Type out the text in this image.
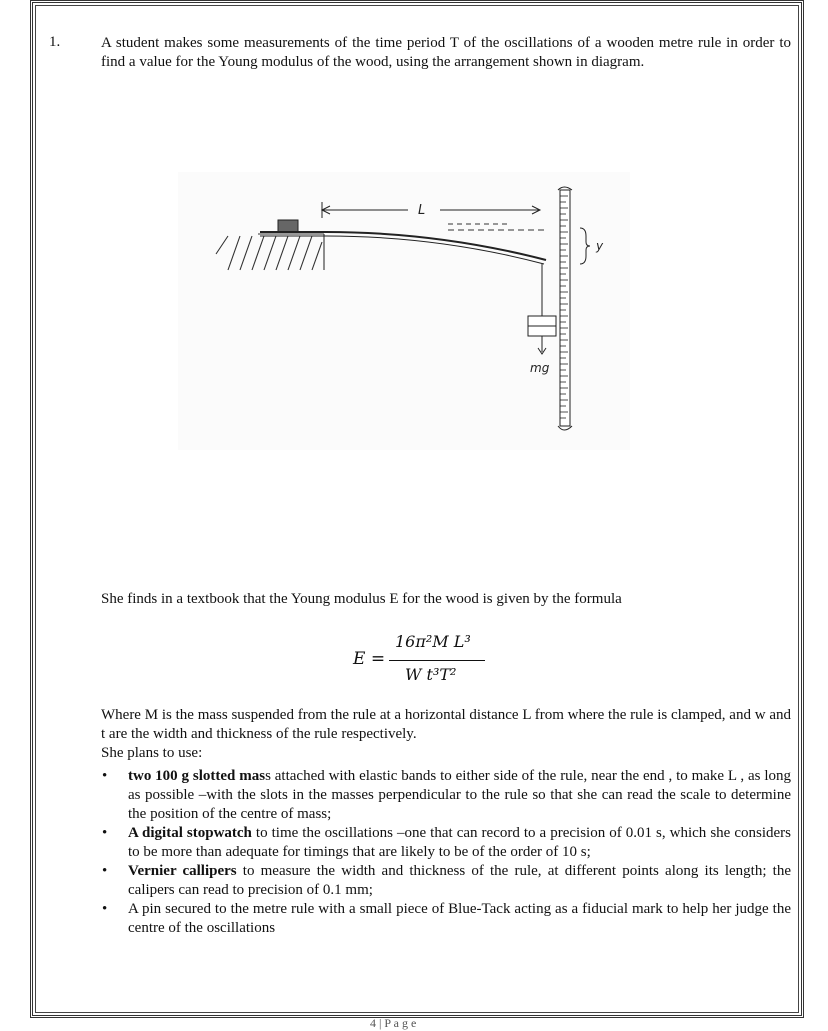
1.	A student makes some measurements of the time period T of the oscillations of a wooden metre rule in order to find a value for the Young modulus of the wood, using the arrangement shown in diagram.
L
mg
y
She finds in a textbook that the Young modulus E for the wood is given by the formula
E =
16π²M L³
W t³T²
Where M is the mass suspended from the rule at a horizontal distance L from where the rule is clamped, and w and t are the width and thickness of the rule respectively.
She plans to use:
• two 100 g slotted mass attached with elastic bands to either side of the rule, near the end , to make L , as long as possible –with the slots in the masses perpendicular to the rule so that she can read the scale to determine the position of the centre of mass;
• A digital stopwatch to time the oscillations –one that can record to a precision of 0.01 s, which she considers to be more than adequate for timings that are likely to be of the order of 10 s;
• Vernier callipers to measure the width and thickness of the rule, at different points along its length; the calipers can read to precision of 0.1 mm;
• A pin secured to the metre rule with a small piece of Blue-Tack acting as a fiducial mark to help her judge the centre of the oscillations
4 | P a g e
